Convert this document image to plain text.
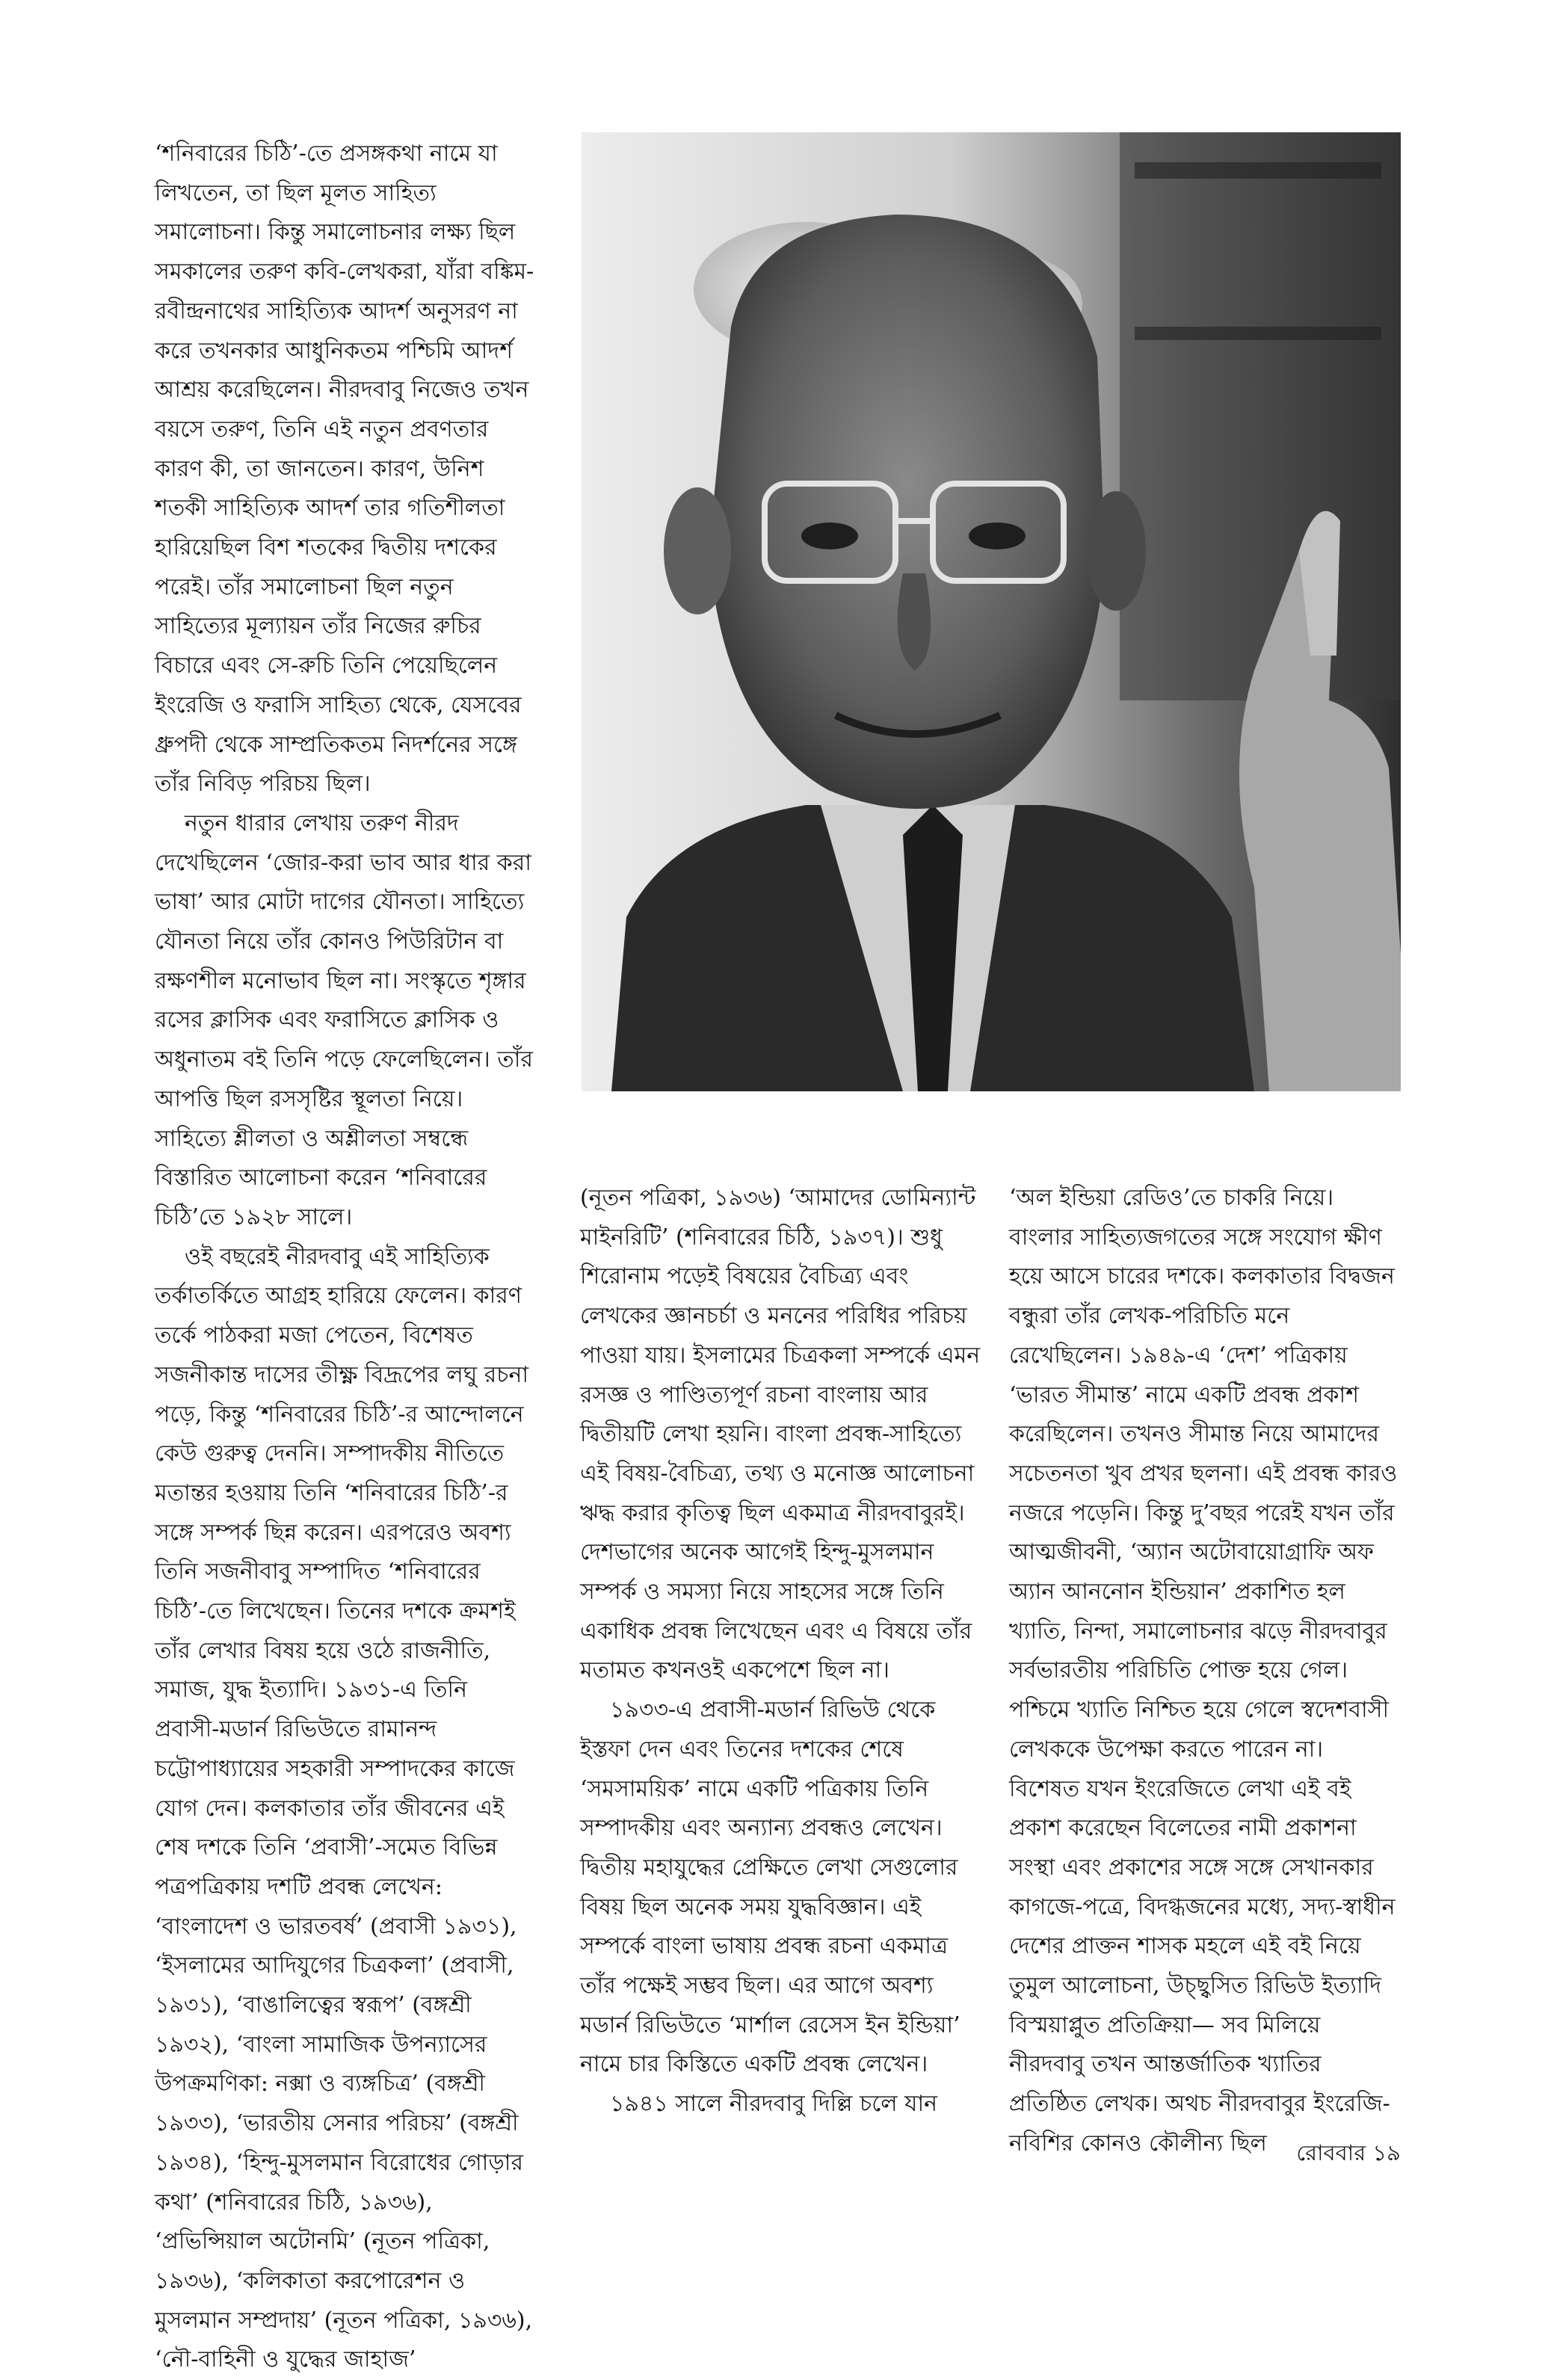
‘শনিবারের চিঠি’-তে প্রসঙ্গকথা নামে যা লিখতেন, তা ছিল মূলত সাহিত্য সমালোচনা। কিন্তু সমালোচনার লক্ষ্য ছিল সমকালের তরুণ কবি-লেখকরা, যাঁরা বঙ্কিম-রবীন্দ্রনাথের সাহিত্যিক আদর্শ অনুসরণ না করে তখনকার আধুনিকতম পশ্চিমি আদর্শ আশ্রয় করেছিলেন। নীরদবাবু নিজেও তখন বয়সে তরুণ, তিনি এই নতুন প্রবণতার কারণ কী, তা জানতেন। কারণ, উনিশ শতকী সাহিত্যিক আদর্শ তার গতিশীলতা হারিয়েছিল বিশ শতকের দ্বিতীয় দশকের পরেই। তাঁর সমালোচনা ছিল নতুন সাহিত্যের মূল্যায়ন তাঁর নিজের রুচির বিচারে এবং সে-রুচি তিনি পেয়েছিলেন ইংরেজি ও ফরাসি সাহিত্য থেকে, যেসবের ধ্রুপদী থেকে সাম্প্রতিকতম নিদর্শনের সঙ্গে তাঁর নিবিড় পরিচয় ছিল।

নতুন ধারার লেখায় তরুণ নীরদ দেখেছিলেন ‘জোর-করা ভাব আর ধার করা ভাষা’ আর মোটা দাগের যৌনতা। সাহিত্যে যৌনতা নিয়ে তাঁর কোনও পিউরিটান বা রক্ষণশীল মনোভাব ছিল না। সংস্কৃতে শৃঙ্গার রসের ক্লাসিক এবং ফরাসিতে ক্লাসিক ও অধুনাতম বই তিনি পড়ে ফেলেছিলেন। তাঁর আপত্তি ছিল রসসৃষ্টির স্থূলতা নিয়ে। সাহিত্যে শ্লীলতা ও অশ্লীলতা সম্বন্ধে বিস্তারিত আলোচনা করেন ‘শনিবারের চিঠি’তে ১৯২৮ সালে।

ওই বছরেই নীরদবাবু এই সাহিত্যিক তর্কাতর্কিতে আগ্রহ হারিয়ে ফেলেন। কারণ তর্কে পাঠকরা মজা পেতেন, বিশেষত সজনীকান্ত দাসের তীক্ষ্ণ বিদ্রূপের লঘু রচনা পড়ে, কিন্তু ‘শনিবারের চিঠি’-র আন্দোলনে কেউ গুরুত্ব দেননি। সম্পাদকীয় নীতিতে মতান্তর হওয়ায় তিনি ‘শনিবারের চিঠি’-র সঙ্গে সম্পর্ক ছিন্ন করেন। এরপরেও অবশ্য তিনি সজনীবাবু সম্পাদিত ‘শনিবারের চিঠি’-তে লিখেছেন। তিনের দশকে ক্রমশই তাঁর লেখার বিষয় হয়ে ওঠে রাজনীতি, সমাজ, যুদ্ধ ইত্যাদি। ১৯৩১-এ তিনি প্রবাসী-মডার্ন রিভিউতে রামানন্দ চট্টোপাধ্যায়ের সহকারী সম্পাদকের কাজে যোগ দেন। কলকাতার তাঁর জীবনের এই শেষ দশকে তিনি ‘প্রবাসী’-সমেত বিভিন্ন পত্রপত্রিকায় দশটি প্রবন্ধ লেখেন: ‘বাংলাদেশ ও ভারতবর্ষ’ (প্রবাসী ১৯৩১), ‘ইসলামের আদিযুগের চিত্রকলা’ (প্রবাসী, ১৯৩১), ‘বাঙালিত্বের স্বরূপ’ (বঙ্গশ্রী ১৯৩২), ‘বাংলা সামাজিক উপন্যাসের উপক্রমণিকা: নক্সা ও ব্যঙ্গচিত্র’ (বঙ্গশ্রী ১৯৩৩), ‘ভারতীয় সেনার পরিচয়’ (বঙ্গশ্রী ১৯৩৪), ‘হিন্দু-মুসলমান বিরোধের গোড়ার কথা’ (শনিবারের চিঠি, ১৯৩৬), ‘প্রভিন্সিয়াল অটোনমি’ (নূতন পত্রিকা, ১৯৩৬), ‘কলিকাতা করপোরেশন ও মুসলমান সম্প্রদায়’ (নূতন পত্রিকা, ১৯৩৬), ‘নৌ-বাহিনী ও যুদ্ধের জাহাজ’

(নূতন পত্রিকা, ১৯৩৬) ‘আমাদের ডোমিন্যান্ট মাইনরিটি’ (শনিবারের চিঠি, ১৯৩৭)। শুধু শিরোনাম পড়েই বিষয়ের বৈচিত্র্য এবং লেখকের জ্ঞানচর্চা ও মননের পরিধির পরিচয় পাওয়া যায়। ইসলামের চিত্রকলা সম্পর্কে এমন রসজ্ঞ ও পাণ্ডিত্যপূর্ণ রচনা বাংলায় আর দ্বিতীয়টি লেখা হয়নি। বাংলা প্রবন্ধ-সাহিত্যে এই বিষয়-বৈচিত্র্য, তথ্য ও মনোজ্ঞ আলোচনা ঋদ্ধ করার কৃতিত্ব ছিল একমাত্র নীরদবাবুরই। দেশভাগের অনেক আগেই হিন্দু-মুসলমান সম্পর্ক ও সমস্যা নিয়ে সাহসের সঙ্গে তিনি একাধিক প্রবন্ধ লিখেছেন এবং এ বিষয়ে তাঁর মতামত কখনওই একপেশে ছিল না।

১৯৩৩-এ প্রবাসী-মডার্ন রিভিউ থেকে ইস্তফা দেন এবং তিনের দশকের শেষে ‘সমসাময়িক’ নামে একটি পত্রিকায় তিনি সম্পাদকীয় এবং অন্যান্য প্রবন্ধও লেখেন। দ্বিতীয় মহাযুদ্ধের প্রেক্ষিতে লেখা সেগুলোর বিষয় ছিল অনেক সময় যুদ্ধবিজ্ঞান। এই সম্পর্কে বাংলা ভাষায় প্রবন্ধ রচনা একমাত্র তাঁর পক্ষেই সম্ভব ছিল। এর আগে অবশ্য মডার্ন রিভিউতে ‘মার্শাল রেসেস ইন ইন্ডিয়া’ নামে চার কিস্তিতে একটি প্রবন্ধ লেখেন।

১৯৪১ সালে নীরদবাবু দিল্লি চলে যান

‘অল ইন্ডিয়া রেডিও’তে চাকরি নিয়ে। বাংলার সাহিত্যজগতের সঙ্গে সংযোগ ক্ষীণ হয়ে আসে চারের দশকে। কলকাতার বিদ্বজন বন্ধুরা তাঁর লেখক-পরিচিতি মনে রেখেছিলেন। ১৯৪৯-এ ‘দেশ’ পত্রিকায় ‘ভারত সীমান্ত’ নামে একটি প্রবন্ধ প্রকাশ করেছিলেন। তখনও সীমান্ত নিয়ে আমাদের সচেতনতা খুব প্রখর ছলনা। এই প্রবন্ধ কারও নজরে পড়েনি। কিন্তু দু’বছর পরেই যখন তাঁর আত্মজীবনী, ‘অ্যান অটোবায়োগ্রাফি অফ অ্যান আননোন ইন্ডিয়ান’ প্রকাশিত হল খ্যাতি, নিন্দা, সমালোচনার ঝড়ে নীরদবাবুর সর্বভারতীয় পরিচিতি পোক্ত হয়ে গেল। পশ্চিমে খ্যাতি নিশ্চিত হয়ে গেলে স্বদেশবাসী লেখককে উপেক্ষা করতে পারেন না। বিশেষত যখন ইংরেজিতে লেখা এই বই প্রকাশ করেছেন বিলেতের নামী প্রকাশনা সংস্থা এবং প্রকাশের সঙ্গে সঙ্গে সেখানকার কাগজে-পত্রে, বিদগ্ধজনের মধ্যে, সদ্য-স্বাধীন দেশের প্রাক্তন শাসক মহলে এই বই নিয়ে তুমুল আলোচনা, উচ্ছ্বসিত রিভিউ ইত্যাদি বিস্ময়াপ্লুত প্রতিক্রিয়া— সব মিলিয়ে নীরদবাবু তখন আন্তর্জাতিক খ্যাতির প্রতিষ্ঠিত লেখক। অথচ নীরদবাবুর ইংরেজি-নবিশির কোনও কৌলীন্য ছিল	রোববার ১৯
